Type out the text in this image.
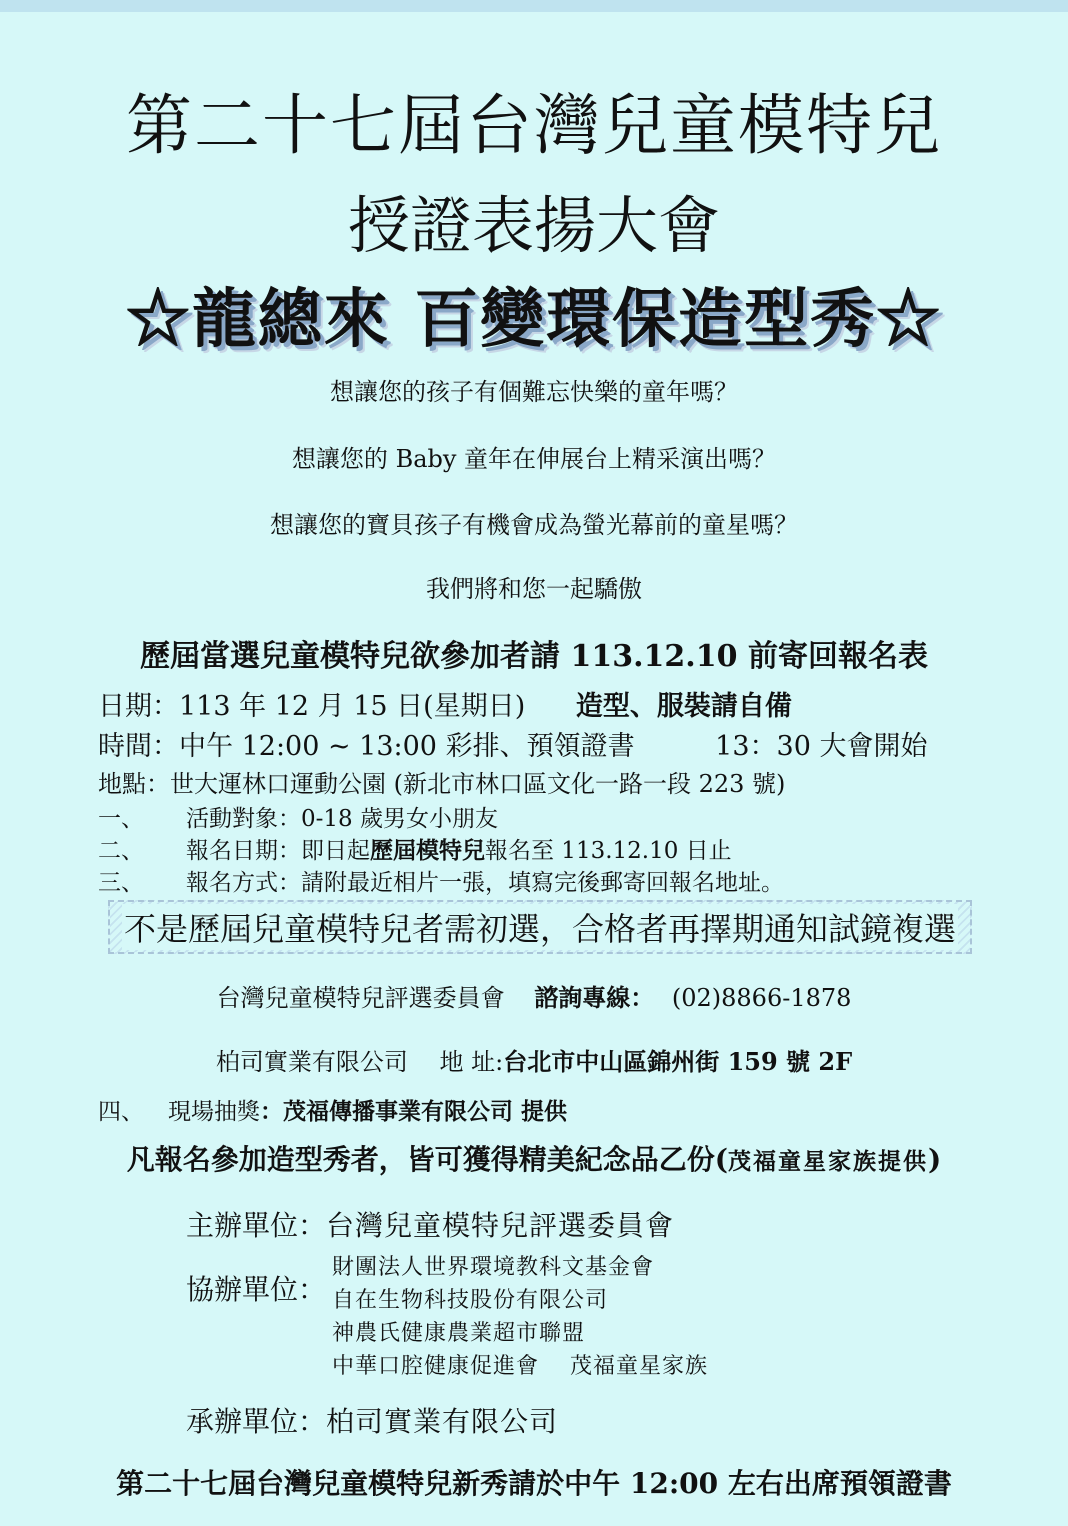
第二十七屆台灣兒童模特兒
授證表揚大會
☆龍總來 百變環保造型秀☆
想讓您的孩子有個難忘快樂的童年嗎？
想讓您的 Baby 童年在伸展台上精采演出嗎？
想讓您的寶貝孩子有機會成為螢光幕前的童星嗎？
我們將和您一起驕傲
歷屆當選兒童模特兒欲參加者請 113.12.10 前寄回報名表
日期：113 年 12 月 15 日(星期日) 造型、服裝請自備
時間：中午 12:00 ~ 13:00 彩排、預領證書	13：30 大會開始
地點：世大運林口運動公園 (新北市林口區文化一路一段 223 號)
一、 活動對象：0-18 歲男女小朋友
二、 報名日期：即日起歷屆模特兒報名至 113.12.10 日止
三、 報名方式：請附最近相片一張，填寫完後郵寄回報名地址。
不是歷屆兒童模特兒者需初選，合格者再擇期通知試鏡複選
台灣兒童模特兒評選委員會 諮詢專線： (02)8866-1878
柏司實業有限公司 地 址:台北市中山區錦州街 159 號 2F
四、 現場抽獎：茂福傳播事業有限公司 提供
凡報名參加造型秀者，皆可獲得精美紀念品乙份(茂福童星家族提供)
主辦單位：台灣兒童模特兒評選委員會
協辦單位：
財團法人世界環境教科文基金會
自在生物科技股份有限公司
神農氏健康農業超市聯盟
中華口腔健康促進會　 茂福童星家族
承辦單位：柏司實業有限公司
第二十七屆台灣兒童模特兒新秀請於中午 12:00 左右出席預領證書
